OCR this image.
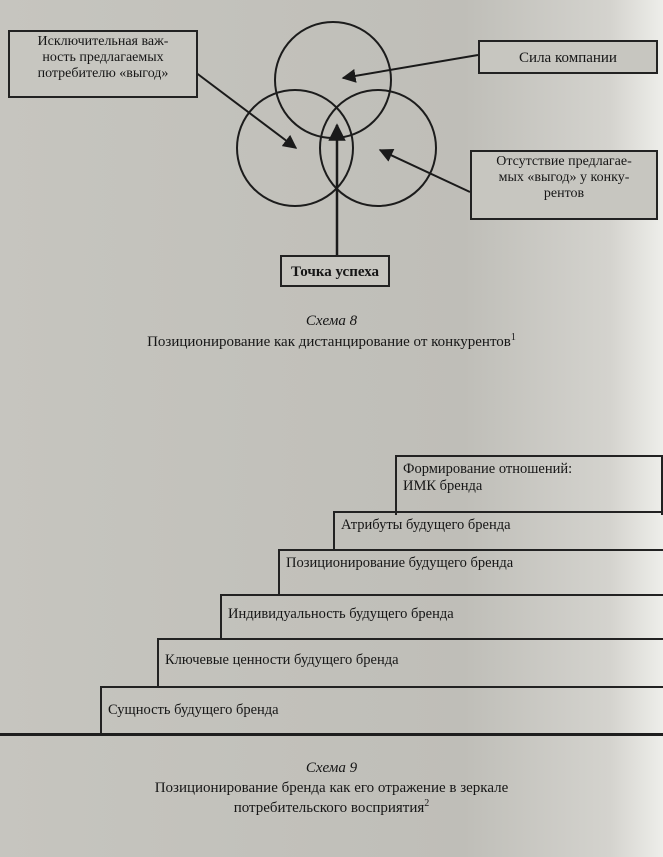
Исключительная важ-
ность предлагаемых
потребителю «выгод»
Сила компании
Отсутствие предлагае-
мых «выгод» у конку-
рентов
Точка успеха
Схема 8
Позиционирование как дистанцирование от конкурентов$^1$
Формирование отношений:
ИМК бренда
Атрибуты будущего бренда
Позиционирование будущего бренда
Индивидуальность будущего бренда
Ключевые ценности будущего бренда
Сущность будущего бренда
Схема 9
Позиционирование бренда как его отражение в зеркале
потребительского восприятия$^2$
